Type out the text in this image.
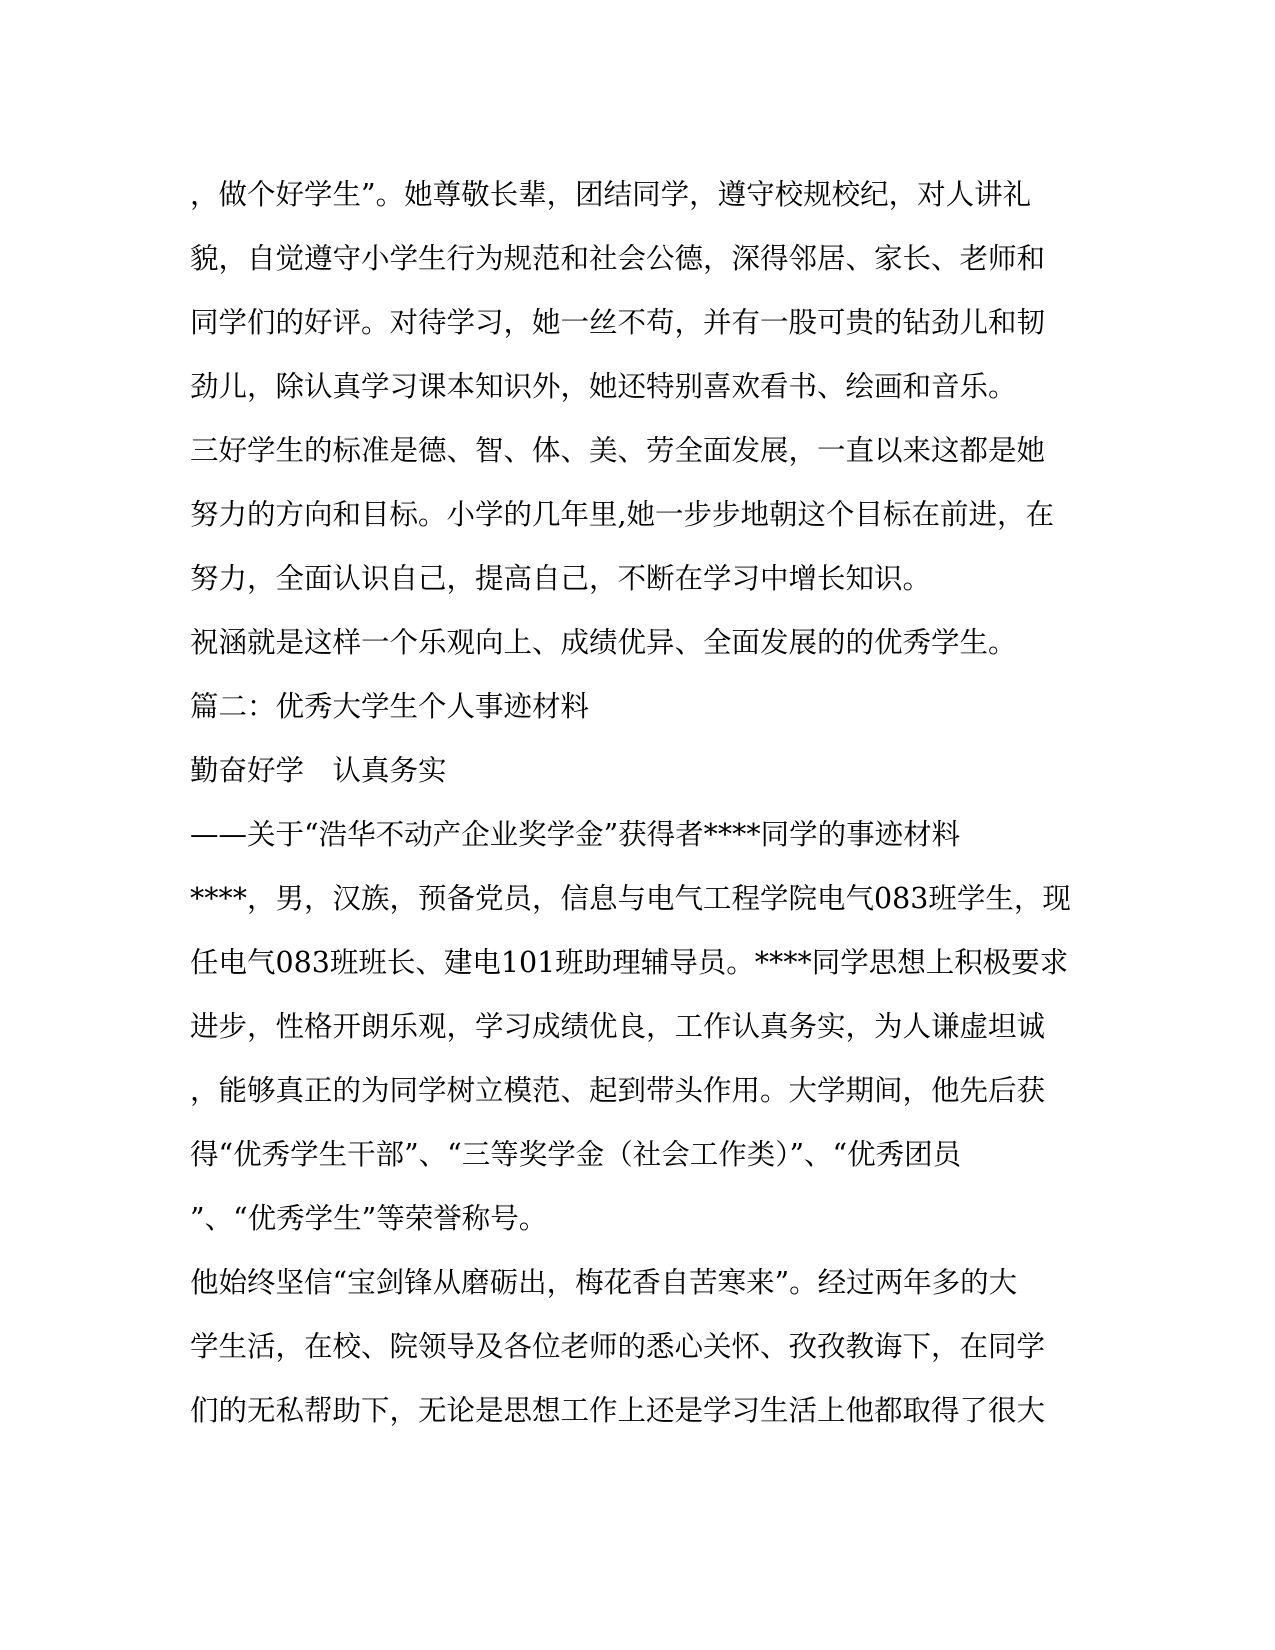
，做个好学生”。她尊敬长辈，团结同学，遵守校规校纪，对人讲礼
貌，自觉遵守小学生行为规范和社会公德，深得邻居、家长、老师和
同学们的好评。对待学习，她一丝不苟，并有一股可贵的钻劲儿和韧
劲儿，除认真学习课本知识外，她还特别喜欢看书、绘画和音乐。
三好学生的标准是德、智、体、美、劳全面发展，一直以来这都是她
努力的方向和目标。小学的几年里,她一步步地朝这个目标在前进，在
努力，全面认识自己，提高自己，不断在学习中增长知识。
祝涵就是这样一个乐观向上、成绩优异、全面发展的的优秀学生。
篇二：优秀大学生个人事迹材料
勤奋好学　认真务实
——关于“浩华不动产企业奖学金”获得者****同学的事迹材料
****，男，汉族，预备党员，信息与电气工程学院电气083班学生，现
任电气083班班长、建电101班助理辅导员。****同学思想上积极要求
进步，性格开朗乐观，学习成绩优良，工作认真务实，为人谦虚坦诚
，能够真正的为同学树立模范、起到带头作用。大学期间，他先后获
得“优秀学生干部”、“三等奖学金（社会工作类）”、“优秀团员
”、“优秀学生”等荣誉称号。
他始终坚信“宝剑锋从磨砺出，梅花香自苦寒来”。经过两年多的大
学生活，在校、院领导及各位老师的悉心关怀、孜孜教诲下，在同学
们的无私帮助下，无论是思想工作上还是学习生活上他都取得了很大
